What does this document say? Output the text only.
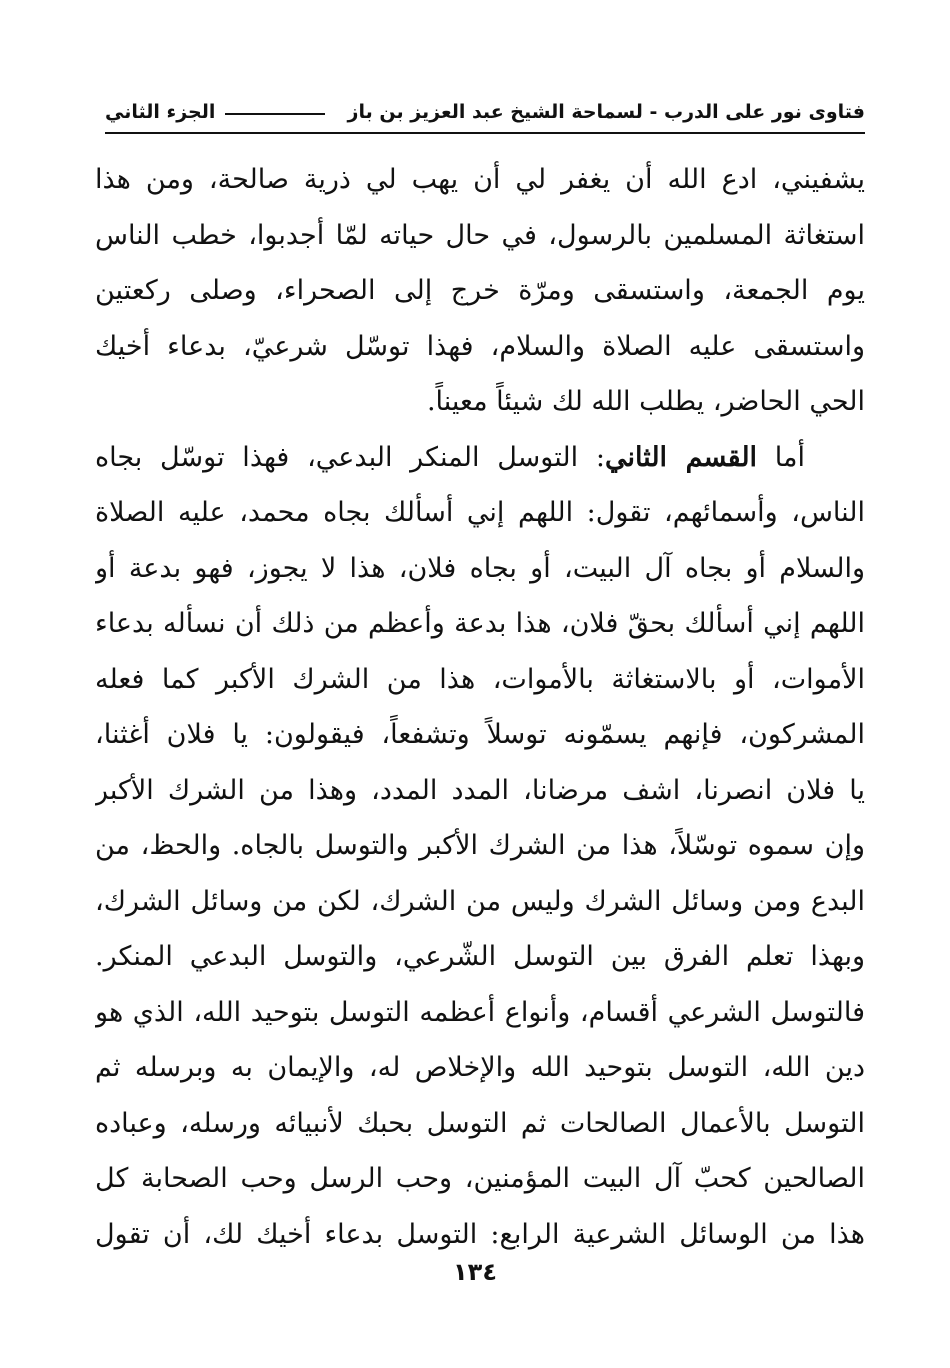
فتاوى نور على الدرب - لسماحة الشيخ عبد العزيز بن باز
الجزء الثاني
يشفيني، ادع الله أن يغفر لي أن يهب لي ذرية صالحة، ومن هذا
استغاثة المسلمين بالرسول، في حال حياته لمّا أجدبوا، خطب الناس
يوم الجمعة، واستسقى ومرّة خرج إلى الصحراء، وصلى ركعتين
واستسقى عليه الصلاة والسلام، فهذا توسّل شرعيّ، بدعاء أخيك
الحي الحاضر، يطلب الله لك شيئاً معيناً.
أما القسم الثاني: التوسل المنكر البدعي، فهذا توسّل بجاه
الناس، وأسمائهم، تقول: اللهم إني أسألك بجاه محمد، عليه الصلاة
والسلام أو بجاه آل البيت، أو بجاه فلان، هذا لا يجوز، فهو بدعة أو
اللهم إني أسألك بحقّ فلان، هذا بدعة وأعظم من ذلك أن نسأله بدعاء
الأموات، أو بالاستغاثة بالأموات، هذا من الشرك الأكبر كما فعله
المشركون، فإنهم يسمّونه توسلاً وتشفعاً، فيقولون: يا فلان أغثنا،
يا فلان انصرنا، اشف مرضانا، المدد المدد، وهذا من الشرك الأكبر
وإن سموه توسّلاً، هذا من الشرك الأكبر والتوسل بالجاه. والحظ، من
البدع ومن وسائل الشرك وليس من الشرك، لكن من وسائل الشرك،
وبهذا تعلم الفرق بين التوسل الشّرعي، والتوسل البدعي المنكر.
فالتوسل الشرعي أقسام، وأنواع أعظمه التوسل بتوحيد الله، الذي هو
دين الله، التوسل بتوحيد الله والإخلاص له، والإيمان به وبرسله ثم
التوسل بالأعمال الصالحات ثم التوسل بحبك لأنبيائه ورسله، وعباده
الصالحين كحبّ آل البيت المؤمنين، وحب الرسل وحب الصحابة كل
هذا من الوسائل الشرعية الرابع: التوسل بدعاء أخيك لك، أن تقول
١٣٤
